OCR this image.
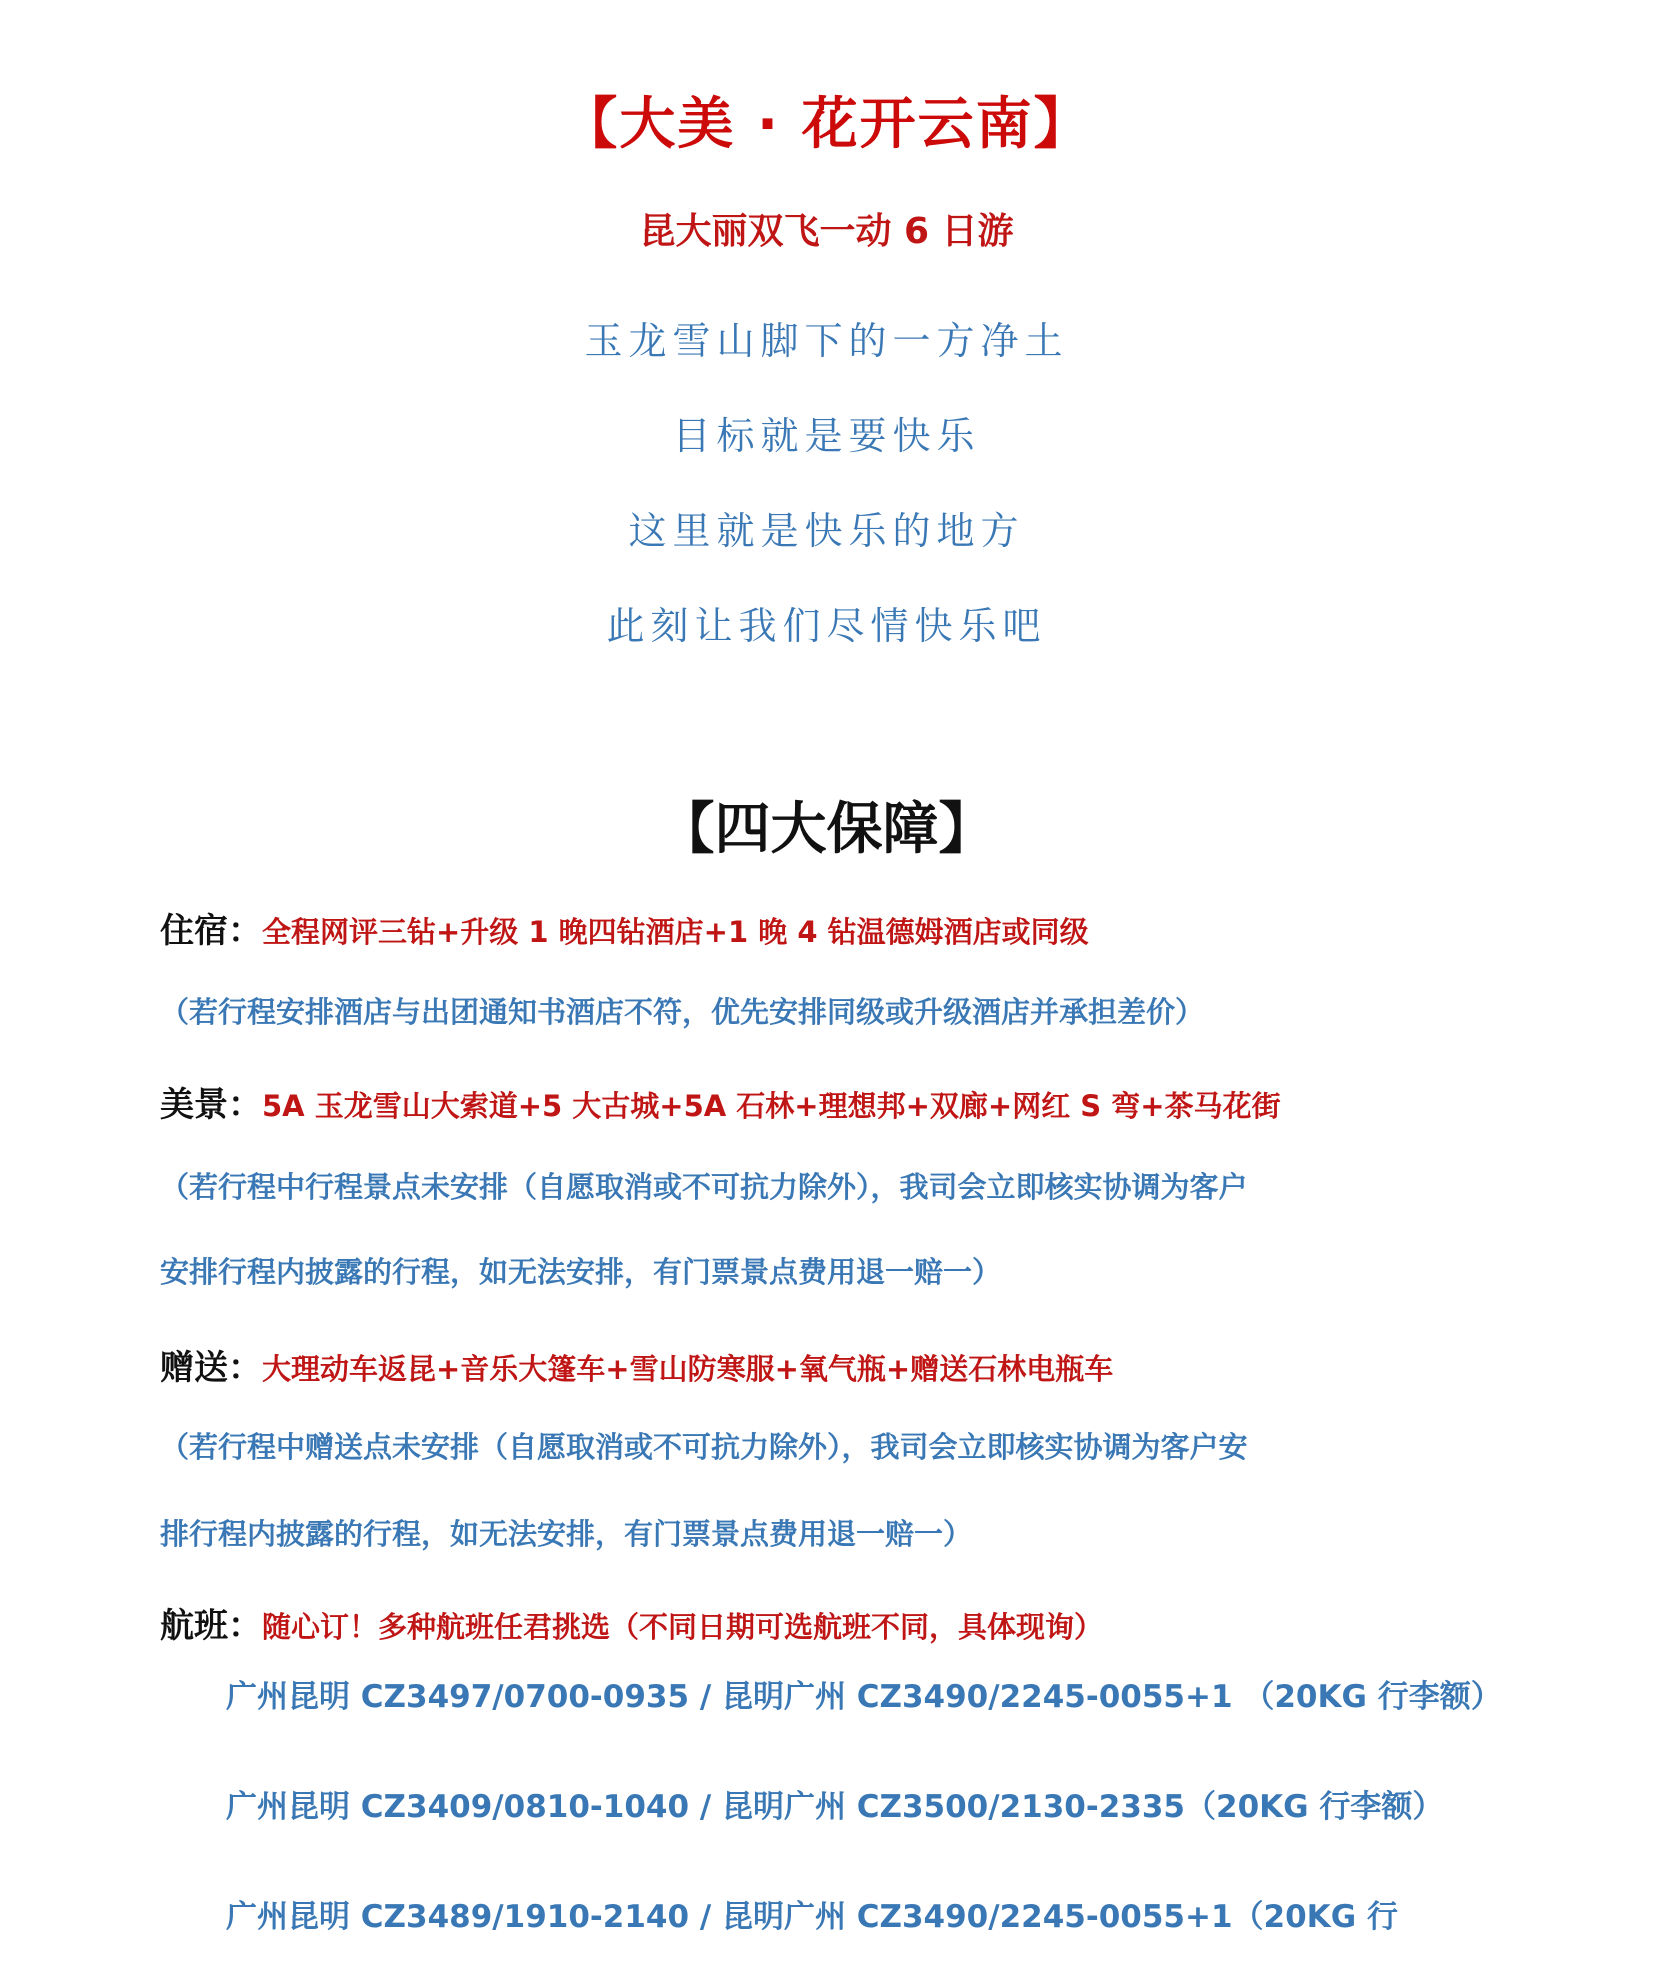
【大美 · 花开云南】
昆大丽双飞一动 6 日游
玉龙雪山脚下的一方净土
目标就是要快乐
这里就是快乐的地方
此刻让我们尽情快乐吧
【四大保障】
住宿：全程网评三钻+升级 1 晚四钻酒店+1 晚 4 钻温德姆酒店或同级
（若行程安排酒店与出团通知书酒店不符，优先安排同级或升级酒店并承担差价）
美景：5A 玉龙雪山大索道+5 大古城+5A 石林+理想邦+双廊+网红 S 弯+茶马花街
（若行程中行程景点未安排（自愿取消或不可抗力除外），我司会立即核实协调为客户
安排行程内披露的行程，如无法安排，有门票景点费用退一赔一）
赠送：大理动车返昆+音乐大篷车+雪山防寒服+氧气瓶+赠送石林电瓶车
（若行程中赠送点未安排（自愿取消或不可抗力除外），我司会立即核实协调为客户安
排行程内披露的行程，如无法安排，有门票景点费用退一赔一）
航班：随心订！多种航班任君挑选（不同日期可选航班不同，具体现询）
广州昆明 CZ3497/0700-0935 / 昆明广州 CZ3490/2245-0055+1 （20KG 行李额）
广州昆明 CZ3409/0810-1040 / 昆明广州 CZ3500/2130-2335（20KG 行李额）
广州昆明 CZ3489/1910-2140 / 昆明广州 CZ3490/2245-0055+1（20KG 行
